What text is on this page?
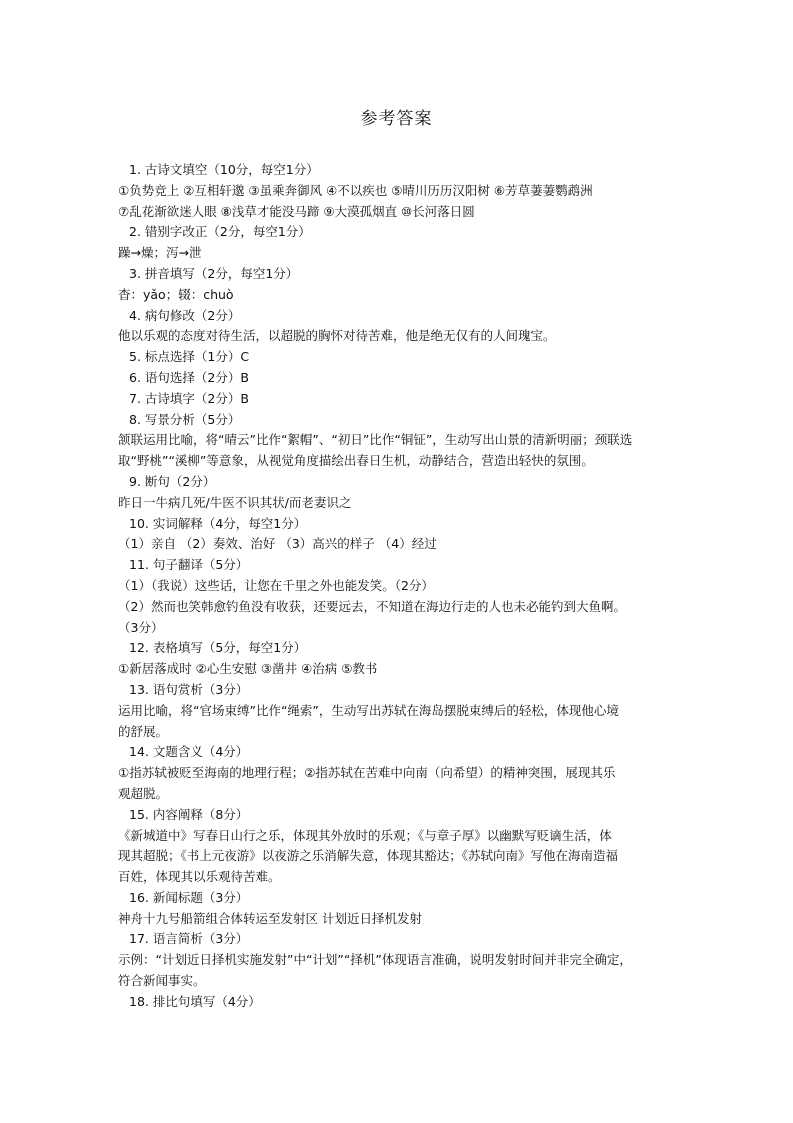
参考答案
1. 古诗文填空（10分，每空1分）
①负势竞上 ②互相轩邈 ③虽乘奔御风 ④不以疾也 ⑤晴川历历汉阳树 ⑥芳草萋萋鹦鹉洲
⑦乱花渐欲迷人眼 ⑧浅草才能没马蹄 ⑨大漠孤烟直 ⑩长河落日圆
2. 错别字改正（2分，每空1分）
躁→燥；泻→泄
3. 拼音填写（2分，每空1分）
杳：yǎo；辍：chuò
4. 病句修改（2分）
他以乐观的态度对待生活，以超脱的胸怀对待苦难，他是绝无仅有的人间瑰宝。
5. 标点选择（1分）C
6. 语句选择（2分）B
7. 古诗填字（2分）B
8. 写景分析（5分）
颔联运用比喻，将“晴云”比作“絮帽”、“初日”比作“铜钲”，生动写出山景的清新明丽；颈联选
取“野桃”“溪柳”等意象，从视觉角度描绘出春日生机，动静结合，营造出轻快的氛围。
9. 断句（2分）
昨日一牛病几死/牛医不识其状/而老妻识之
10. 实词解释（4分，每空1分）
（1）亲自 （2）奏效、治好 （3）高兴的样子 （4）经过
11. 句子翻译（5分）
（1）（我说）这些话，让您在千里之外也能发笑。（2分）
（2）然而也笑韩愈钓鱼没有收获，还要远去，不知道在海边行走的人也未必能钓到大鱼啊。
（3分）
12. 表格填写（5分，每空1分）
①新居落成时 ②心生安慰 ③凿井 ④治病 ⑤教书
13. 语句赏析（3分）
运用比喻，将“官场束缚”比作“绳索”，生动写出苏轼在海岛摆脱束缚后的轻松，体现他心境
的舒展。
14. 文题含义（4分）
①指苏轼被贬至海南的地理行程；②指苏轼在苦难中向南（向希望）的精神突围，展现其乐
观超脱。
15. 内容阐释（8分）
《新城道中》写春日山行之乐，体现其外放时的乐观；《与章子厚》以幽默写贬谪生活，体
现其超脱；《书上元夜游》以夜游之乐消解失意，体现其豁达；《苏轼向南》写他在海南造福
百姓，体现其以乐观待苦难。
16. 新闻标题（3分）
神舟十九号船箭组合体转运至发射区 计划近日择机发射
17. 语言简析（3分）
示例：“计划近日择机实施发射”中“计划”“择机”体现语言准确，说明发射时间并非完全确定，
符合新闻事实。
18. 排比句填写（4分）
